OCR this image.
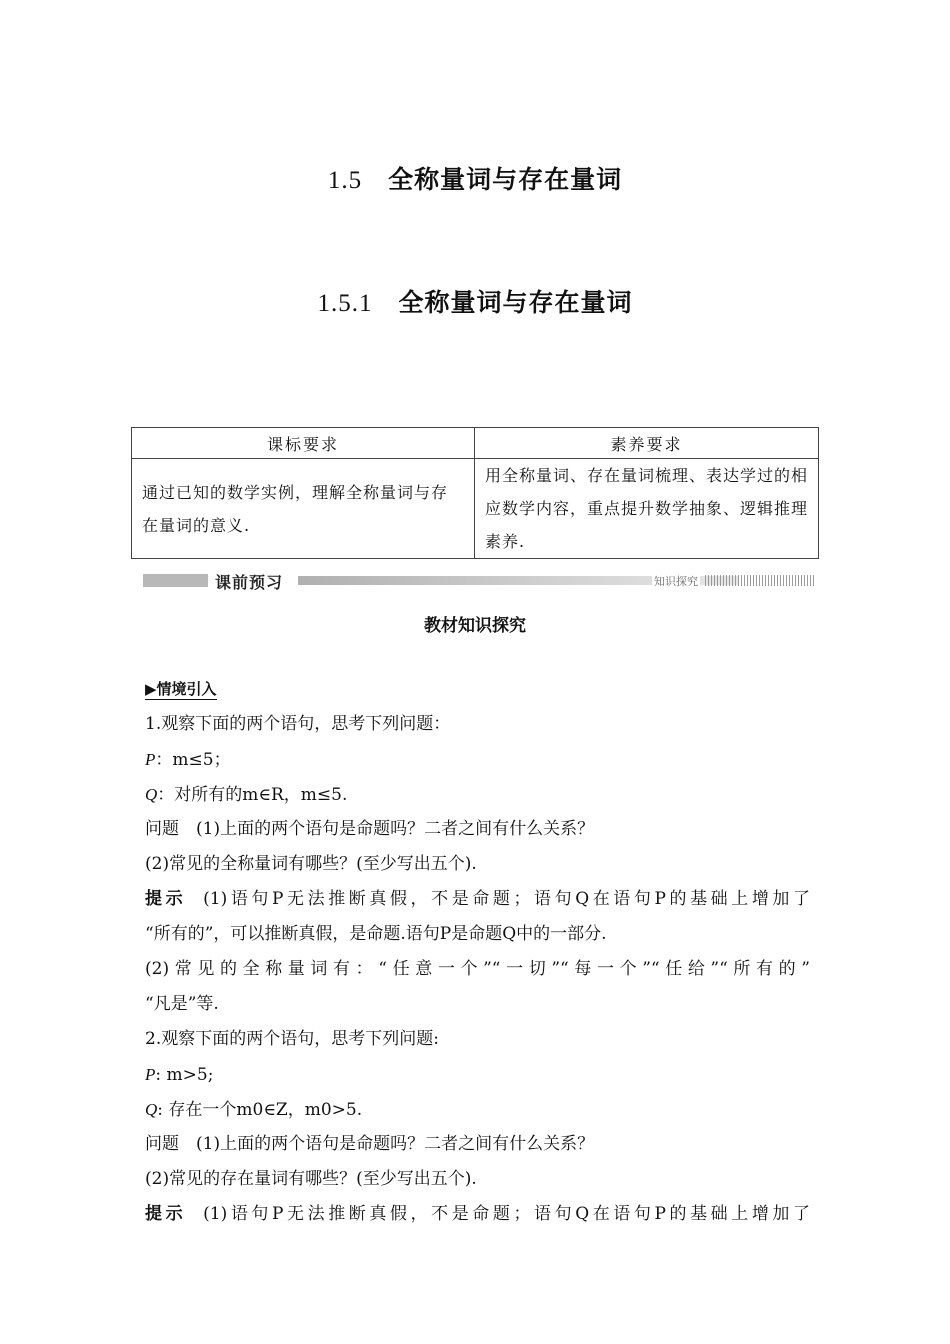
1.5 全称量词与存在量词
1.5.1 全称量词与存在量词
课标要求	素养要求
通过已知的数学实例，理解全称量词与存在量词的意义.	用全称量词、存在量词梳理、表达学过的相应数学内容，重点提升数学抽象、逻辑推理素养.
课前预习	知识探究
教材知识探究
▶情境引入
1.观察下面的两个语句，思考下列问题：
P：m≤5；
Q：对所有的m∈R，m≤5.
问题  (1)上面的两个语句是命题吗？二者之间有什么关系？
(2)常见的全称量词有哪些？(至少写出五个).
提示  (1)语句P无法推断真假，不是命题；语句Q在语句P的基础上增加了
“所有的”，可以推断真假，是命题.语句P是命题Q中的一部分.
(2)常见的全称量词有：“任意一个”“一切”“每一个”“任给”“所有的”
“凡是”等.
2.观察下面的两个语句，思考下列问题:
P: m>5;
Q: 存在一个m0∈Z，m0>5.
问题  (1)上面的两个语句是命题吗？二者之间有什么关系？
(2)常见的存在量词有哪些？(至少写出五个).
提示  (1)语句P无法推断真假，不是命题；语句Q在语句P的基础上增加了
